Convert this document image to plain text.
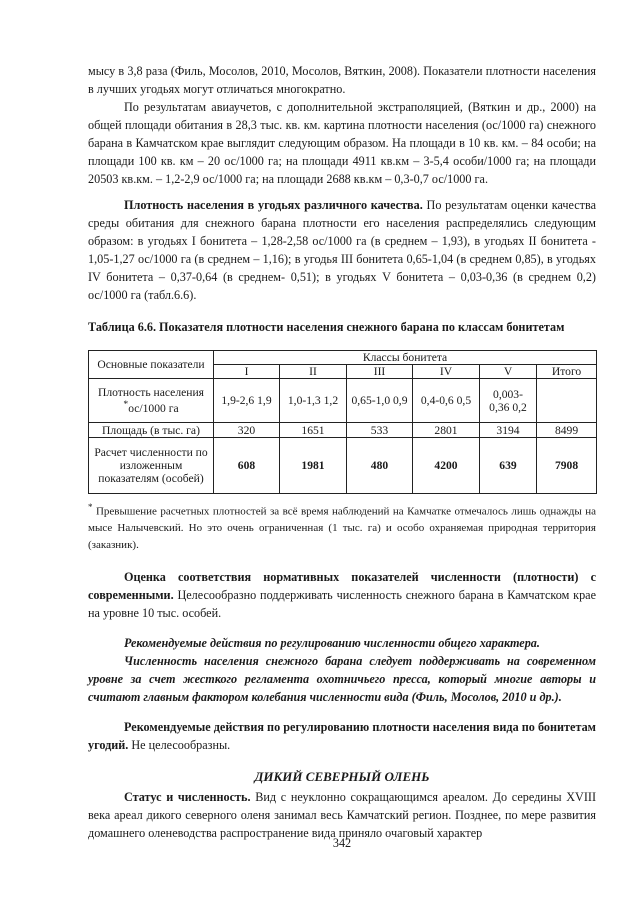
мысу в 3,8 раза (Филь, Мосолов, 2010, Мосолов, Вяткин, 2008). Показатели плотности населения в лучших угодьях могут отличаться многократно.

По результатам авиаучетов, с дополнительной экстраполяцией, (Вяткин и др., 2000) на общей площади обитания в 28,3 тыс. кв. км. картина плотности населения (ос/1000 га) снежного барана в Камчатском крае выглядит следующим образом. На площади в 10 кв. км. – 84 особи; на площади 100 кв. км – 20 ос/1000 га; на площади 4911 кв.км – 3-5,4 особи/1000 га; на площади 20503 кв.км. – 1,2-2,9 ос/1000 га; на площади 2688 кв.км – 0,3-0,7 ос/1000 га.

Плотность населения в угодьях различного качества. По результатам оценки качества среды обитания для снежного барана плотности его населения распределялись следующим образом: в угодьях I бонитета – 1,28-2,58 ос/1000 га (в среднем – 1,93), в угодьях II бонитета - 1,05-1,27 ос/1000 га (в среднем – 1,16); в угодья III бонитета 0,65-1,04 (в среднем 0,85), в угодьях IV бонитета – 0,37-0,64 (в среднем- 0,51); в угодьях V бонитета – 0,03-0,36 (в среднем 0,2) ос/1000 га (табл.6.6).

Таблица 6.6. Показателя плотности населения снежного барана по классам бонитетам

Основные показатели	Классы бонитета					
	I	II	III	IV	V	Итого
Плотность населения *ос/1000 га	1,9-2,6 1,9	1,0-1,3 1,2	0,65-1,0 0,9	0,4-0,6 0,5	0,003- 0,36 0,2	
Площадь (в тыс. га)	320	1651	533	2801	3194	8499
Расчет численности по изложенным показателям (особей)	608	1981	480	4200	639	7908

* Превышение расчетных плотностей за всё время наблюдений на Камчатке отмечалось лишь однажды на мысе Налычевский. Но это очень ограниченная (1 тыс. га) и особо охраняемая природная территория (заказник).

Оценка соответствия нормативных показателей численности (плотности) с современными. Целесообразно поддерживать численность снежного барана в Камчатском крае на уровне 10 тыс. особей.

Рекомендуемые действия по регулированию численности общего характера.

Численность населения снежного барана следует поддерживать на современном уровне за счет жесткого регламента охотничьего пресса, который многие авторы и считают главным фактором колебания численности вида (Филь, Мосолов, 2010 и др.).

Рекомендуемые действия по регулированию плотности населения вида по бонитетам угодий. Не целесообразны.

ДИКИЙ СЕВЕРНЫЙ ОЛЕНЬ

Статус и численность. Вид с неуклонно сокращающимся ареалом. До середины XVIII века ареал дикого северного оленя занимал весь Камчатский регион. Позднее, по мере развития домашнего оленеводства распространение вида приняло очаговый характер

342
